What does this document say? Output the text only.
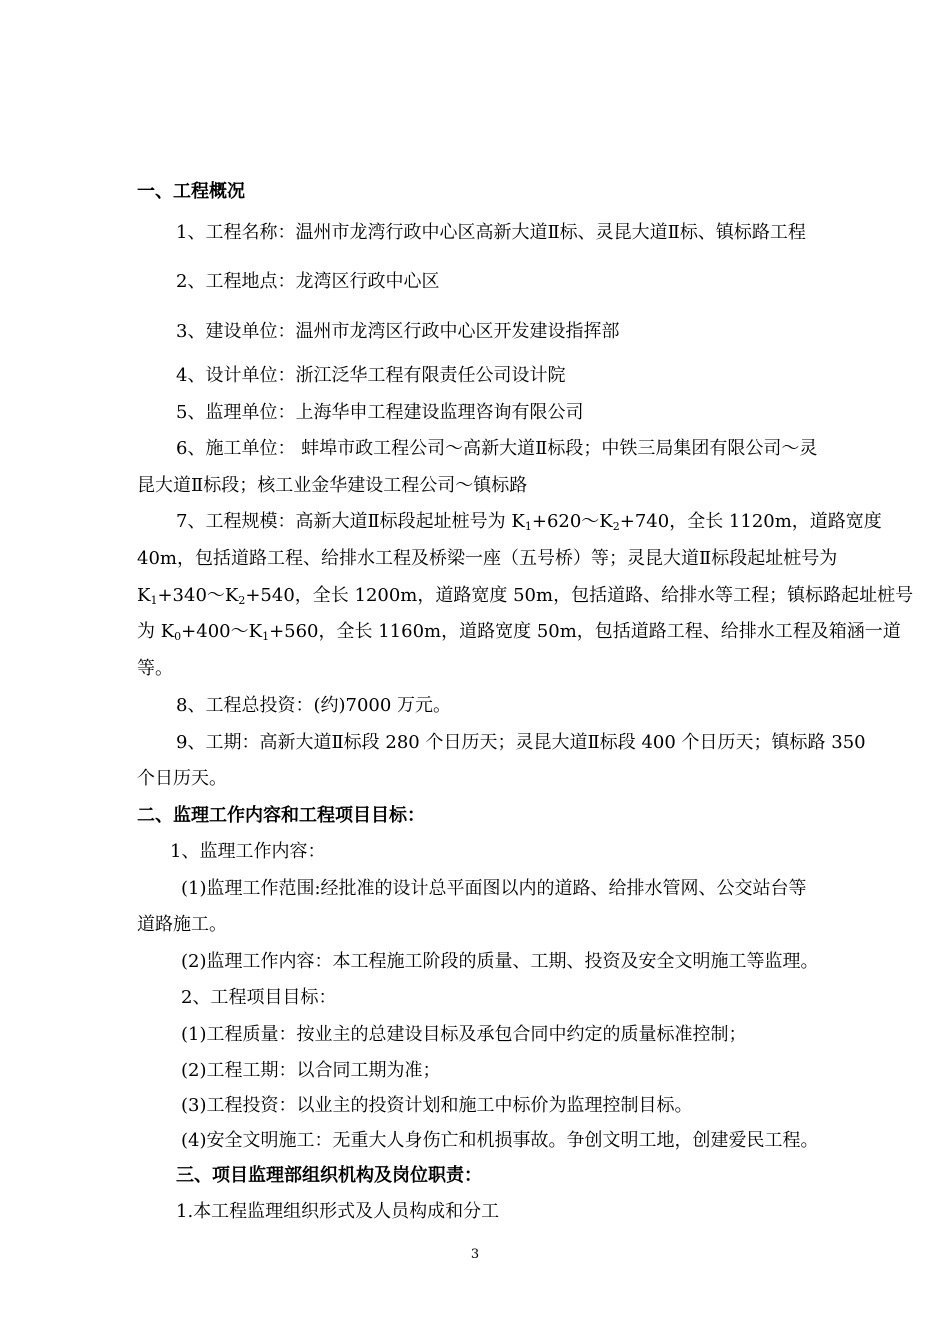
一、工程概况
1、工程名称：温州市龙湾行政中心区高新大道Ⅱ标、灵昆大道Ⅱ标、镇标路工程
2、工程地点：龙湾区行政中心区
3、建设单位：温州市龙湾区行政中心区开发建设指挥部
4、设计单位：浙江泛华工程有限责任公司设计院
5、监理单位：上海华申工程建设监理咨询有限公司
6、施工单位： 蚌埠市政工程公司～高新大道Ⅱ标段；中铁三局集团有限公司～灵
昆大道Ⅱ标段；核工业金华建设工程公司～镇标路
7、工程规模：高新大道Ⅱ标段起址桩号为 $K_1+620\sim K_2+740$，全长 1120m，道路宽度
40m，包括道路工程、给排水工程及桥梁一座（五号桥）等；灵昆大道Ⅱ标段起址桩号为
$K_1+340\sim K_2+540$，全长 1200m，道路宽度 50m，包括道路、给排水等工程；镇标路起址桩号
为 $K_0+400\sim K_1+560$，全长 1160m，道路宽度 50m，包括道路工程、给排水工程及箱涵一道
等。
8、工程总投资：(约)7000 万元。
9、工期：高新大道Ⅱ标段 280 个日历天；灵昆大道Ⅱ标段 400 个日历天；镇标路 350
个日历天。
二、监理工作内容和工程项目目标：
1、监理工作内容：
(1)监理工作范围:经批准的设计总平面图以内的道路、给排水管网、公交站台等
道路施工。
(2)监理工作内容：本工程施工阶段的质量、工期、投资及安全文明施工等监理。
2、工程项目目标：
(1)工程质量：按业主的总建设目标及承包合同中约定的质量标准控制；
(2)工程工期：以合同工期为准；
(3)工程投资：以业主的投资计划和施工中标价为监理控制目标。
(4)安全文明施工：无重大人身伤亡和机损事故。争创文明工地，创建爱民工程。
三、项目监理部组织机构及岗位职责：
1.本工程监理组织形式及人员构成和分工
3
